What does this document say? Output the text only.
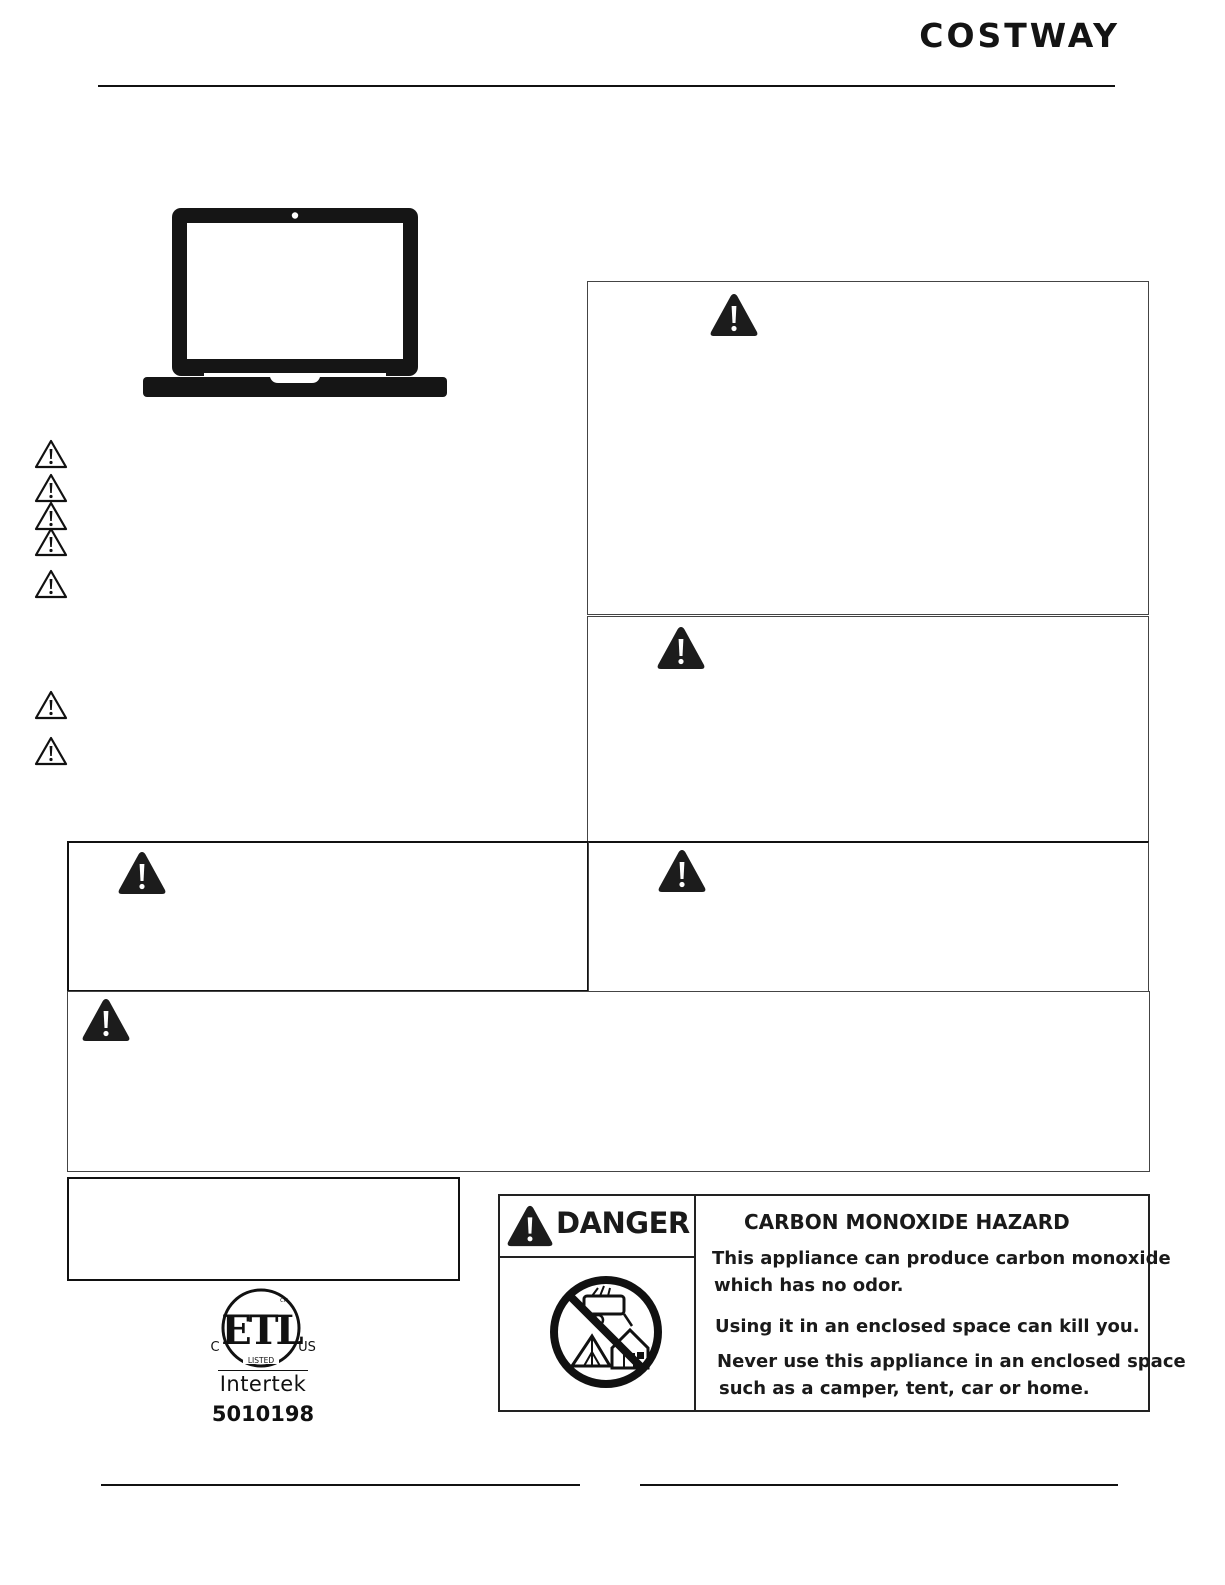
COSTWAY
ETL
LISTED
CM
C	US
Intertek
5010198
DANGER	CARBON MONOXIDE HAZARD
This appliance can produce carbon monoxide
which has no odor.
Using it in an enclosed space can kill you.
Never use this appliance in an enclosed space
such as a camper, tent, car or home.
